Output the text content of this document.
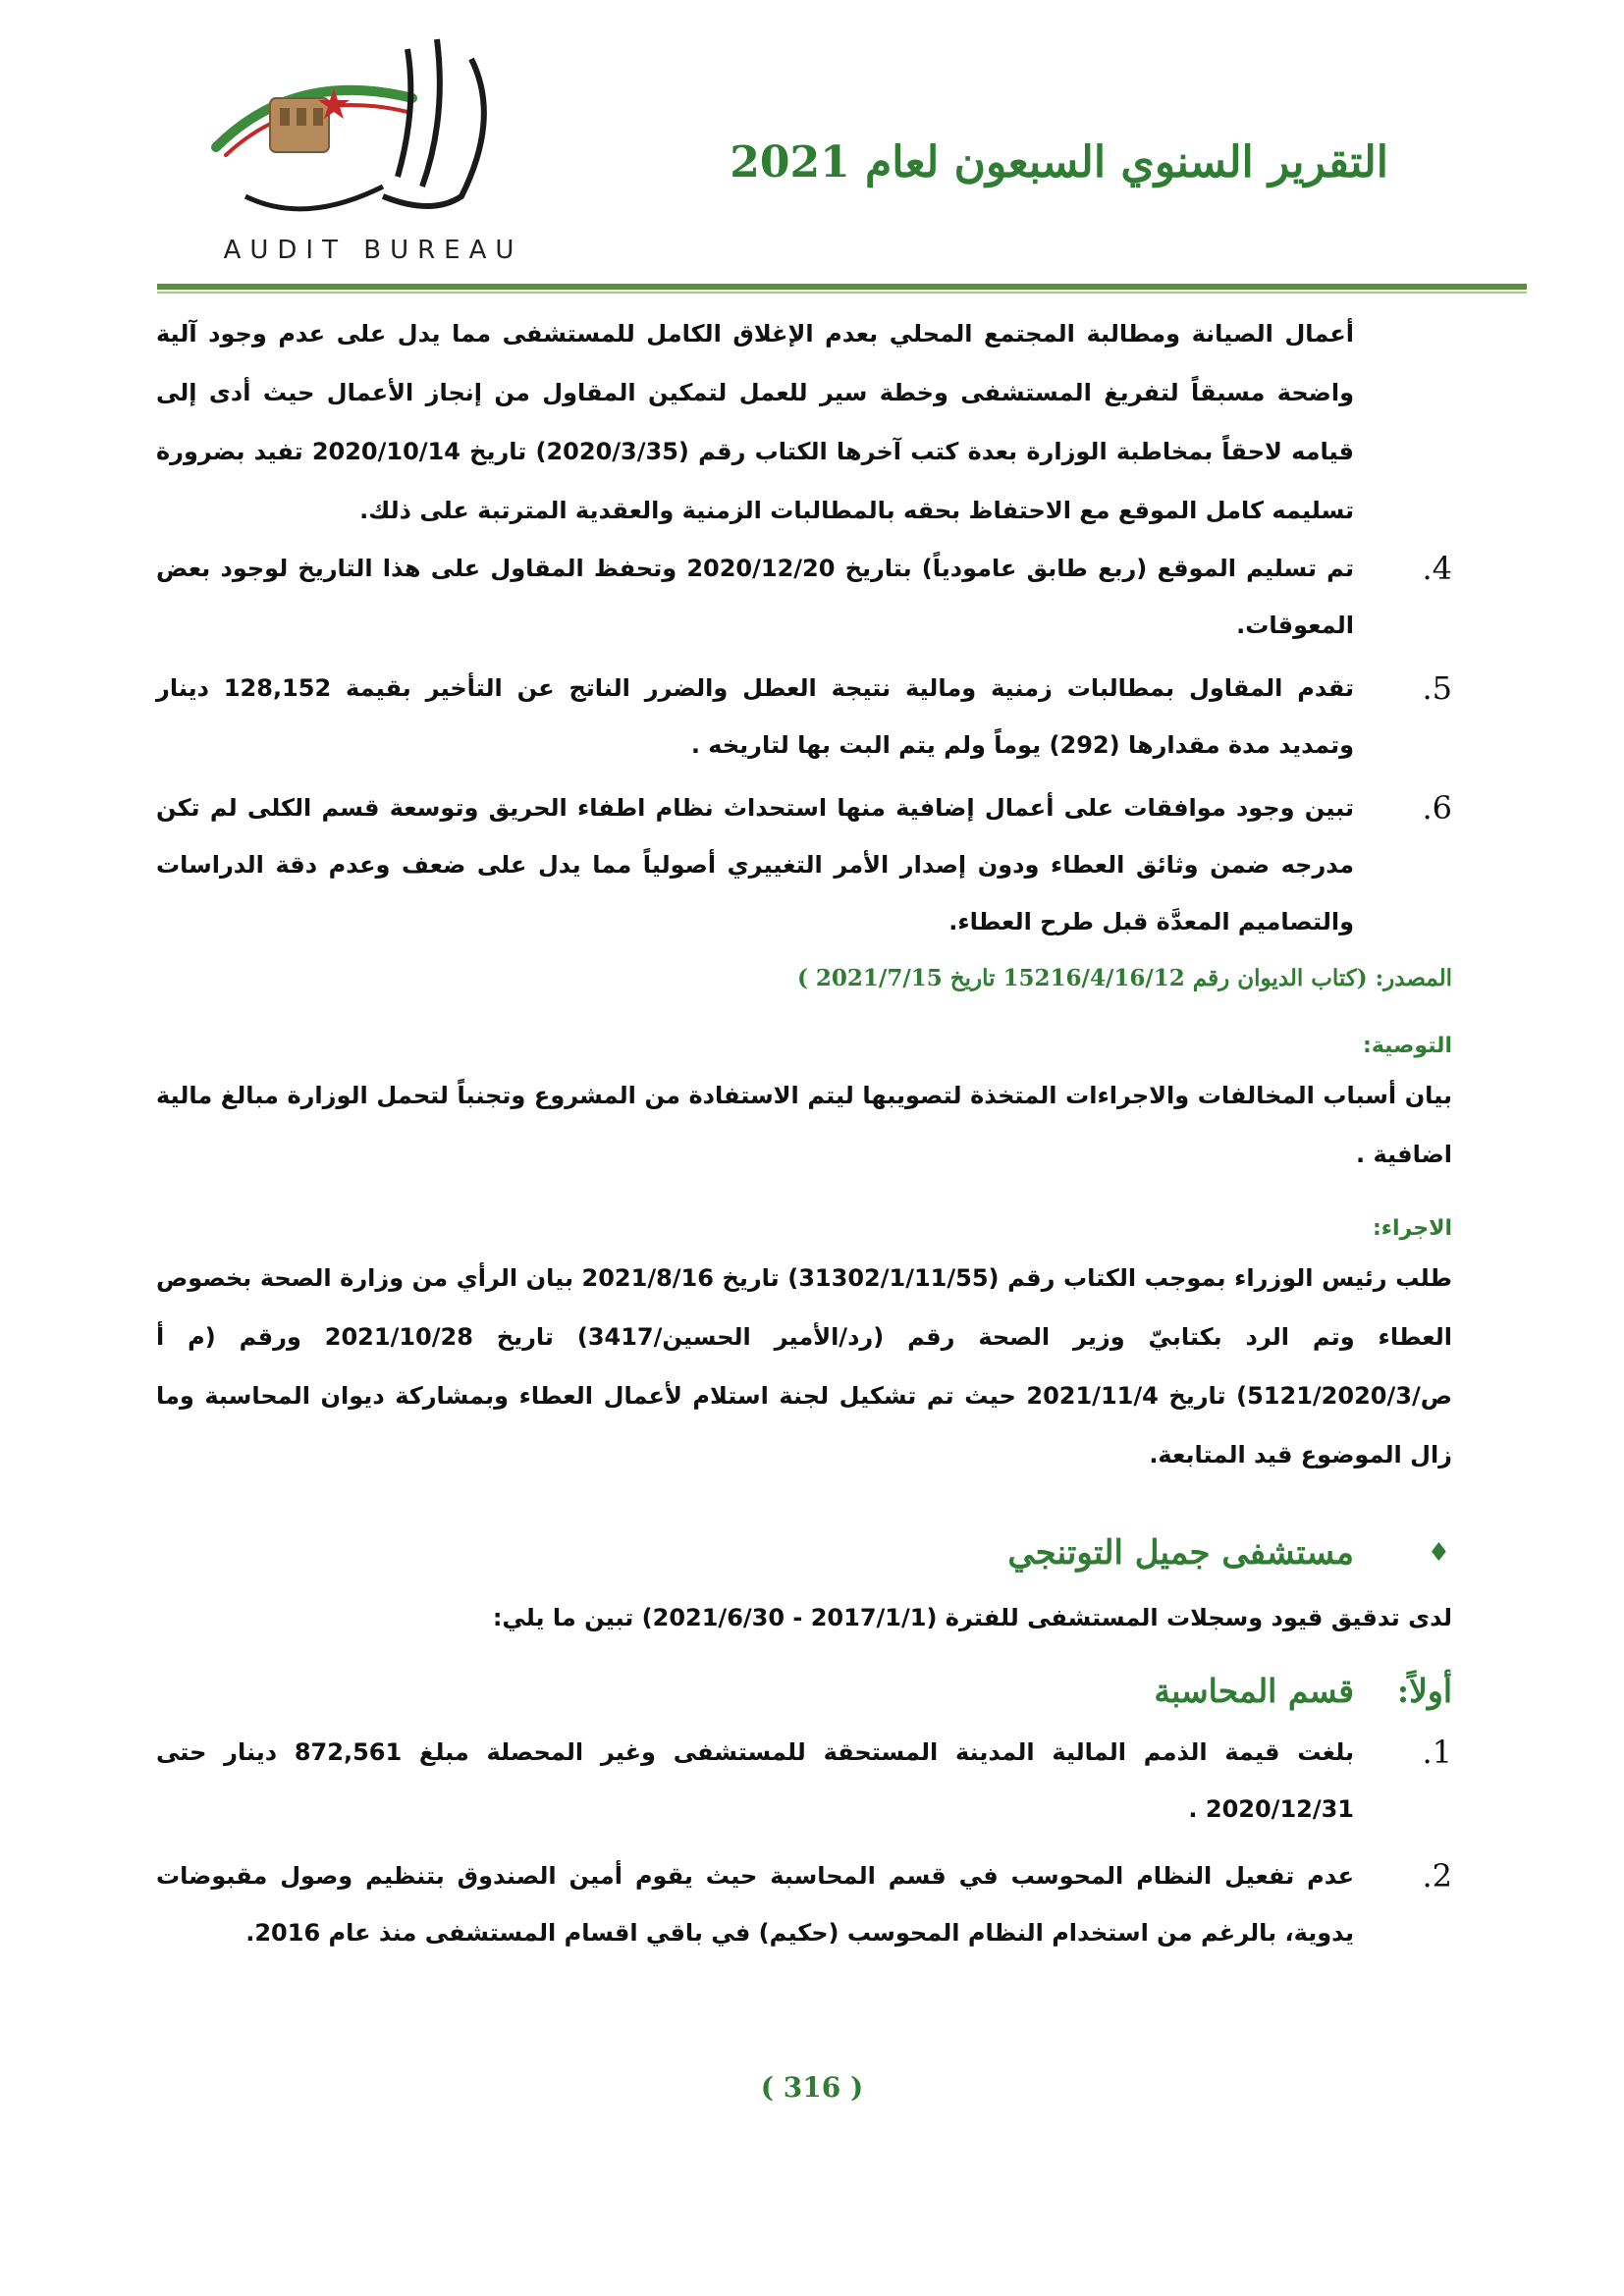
التقرير السنوي السبعون لعام 2021
AUDIT BUREAU

أعمال الصيانة ومطالبة المجتمع المحلي بعدم الإغلاق الكامل للمستشفى مما يدل على عدم وجود آلية واضحة مسبقاً لتفريغ المستشفى وخطة سير للعمل لتمكين المقاول من إنجاز الأعمال حيث أدى إلى قيامه لاحقاً بمخاطبة الوزارة بعدة كتب آخرها الكتاب رقم (2020/3/35) تاريخ 2020/10/14 تفيد بضرورة تسليمه كامل الموقع مع الاحتفاظ بحقه بالمطالبات الزمنية والعقدية المترتبة على ذلك.

4.
تم تسليم الموقع (ربع طابق عامودياً) بتاريخ 2020/12/20 وتحفظ المقاول على هذا التاريخ لوجود بعض المعوقات.
5.
تقدم المقاول بمطالبات زمنية ومالية نتيجة العطل والضرر الناتج عن التأخير بقيمة 128,152 دينار وتمديد مدة مقدارها (292) يوماً ولم يتم البت بها لتاريخه .
6.
تبين وجود موافقات على أعمال إضافية منها استحداث نظام اطفاء الحريق وتوسعة قسم الكلى لم تكن مدرجه ضمن وثائق العطاء ودون إصدار الأمر التغييري أصولياً مما يدل على ضعف وعدم دقة الدراسات والتصاميم المعدَّة قبل طرح العطاء.
المصدر: (كتاب الديوان رقم 15216/4/16/12 تاريخ 2021/7/15 )
التوصية:

بيان أسباب المخالفات والاجراءات المتخذة لتصويبها ليتم الاستفادة من المشروع وتجنباً لتحمل الوزارة مبالغ مالية اضافية .

الاجراء:

طلب رئيس الوزراء بموجب الكتاب رقم (31302/1/11/55) تاريخ 2021/8/16 بيان الرأي من وزارة الصحة بخصوص العطاء وتم الرد بكتابيّ وزير الصحة رقم (رد/الأمير الحسين/3417) تاريخ 2021/10/28 ورقم (م أ ص/5121/2020/3) تاريخ 2021/11/4 حيث تم تشكيل لجنة استلام لأعمال العطاء وبمشاركة ديوان المحاسبة وما زال الموضوع قيد المتابعة.

♦
مستشفى جميل التوتنجي

لدى تدقيق قيود وسجلات المستشفى للفترة (2017/1/1 - 2021/6/30) تبين ما يلي:

أولاً:
قسم المحاسبة
1.
بلغت قيمة الذمم المالية المدينة المستحقة للمستشفى وغير المحصلة مبلغ 872,561 دينار حتى 2020/12/31 .
2.
عدم تفعيل النظام المحوسب في قسم المحاسبة حيث يقوم أمين الصندوق بتنظيم وصول مقبوضات يدوية، بالرغم من استخدام النظام المحوسب (حكيم) في باقي اقسام المستشفى منذ عام 2016.
( 316 )
